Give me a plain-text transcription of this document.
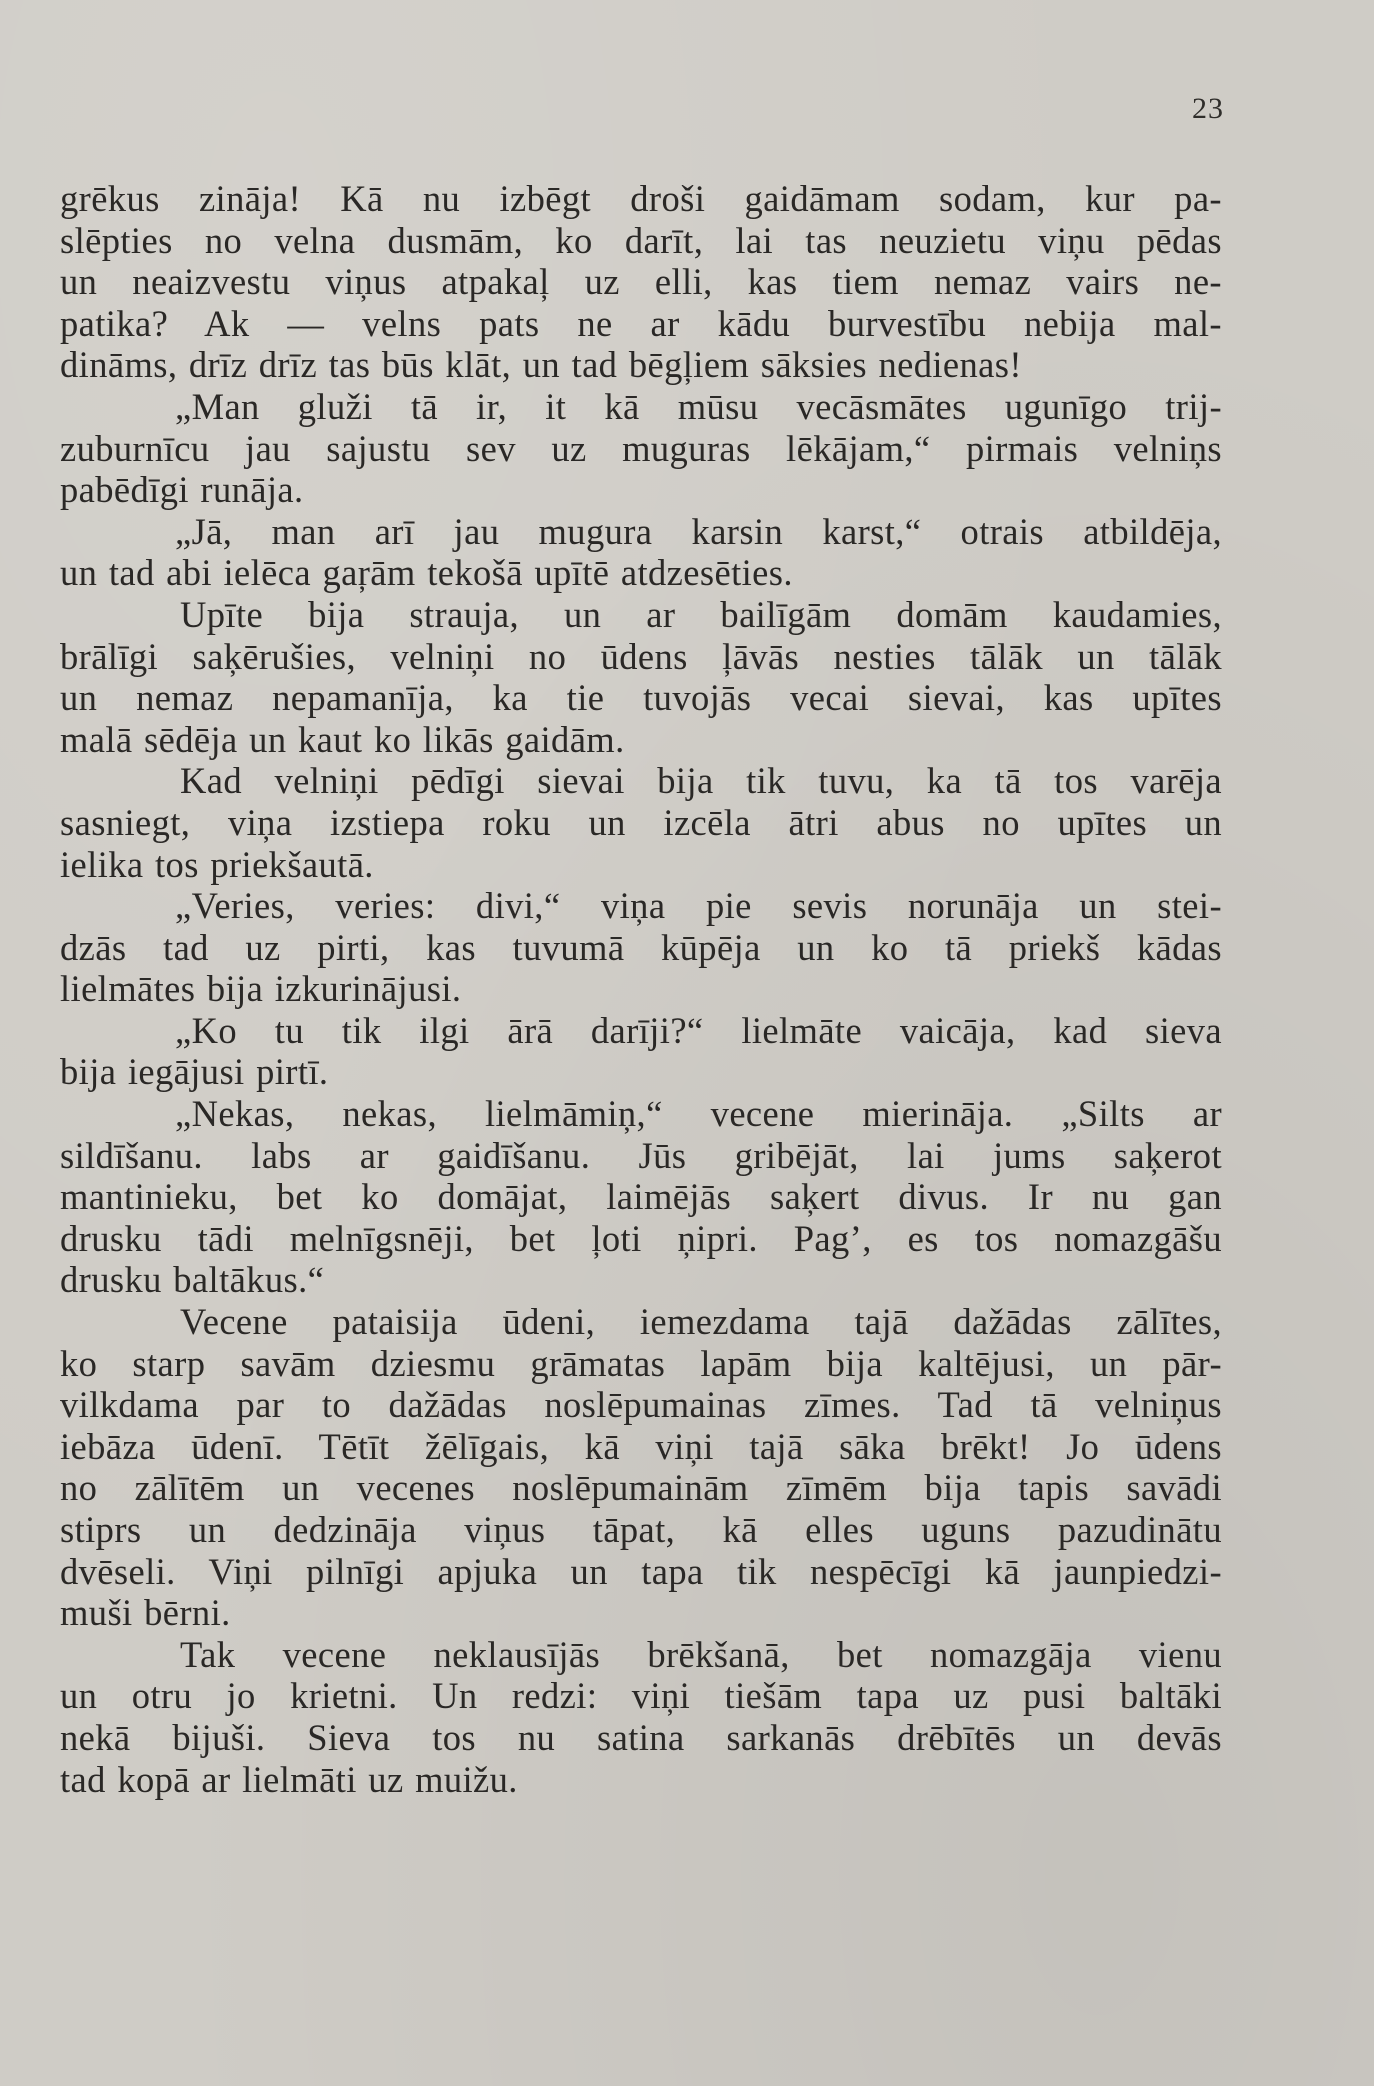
23

grēkus zināja! Kā nu izbēgt droši gaidāmam sodam, kur pa-

slēpties no velna dusmām, ko darīt, lai tas neuzietu viņu pēdas

un neaizvestu viņus atpakaļ uz elli, kas tiem nemaz vairs ne-

patika? Ak — velns pats ne ar kādu burvestību nebija mal-

dināms, drīz drīz tas būs klāt, un tad bēgļiem sāksies nedienas!

„Man gluži tā ir, it kā mūsu vecāsmātes ugunīgo trij-

zuburnīcu jau sajustu sev uz muguras lēkājam,“ pirmais velniņs

pabēdīgi runāja.

„Jā, man arī jau mugura karsin karst,“ otrais atbildēja,

un tad abi ielēca gaŗām tekošā upītē atdzesēties.

Upīte bija strauja, un ar bailīgām domām kaudamies,

brālīgi saķērušies, velniņi no ūdens ļāvās nesties tālāk un tālāk

un nemaz nepamanīja, ka tie tuvojās vecai sievai, kas upītes

malā sēdēja un kaut ko likās gaidām.

Kad velniņi pēdīgi sievai bija tik tuvu, ka tā tos varēja

sasniegt, viņa izstiepa roku un izcēla ātri abus no upītes un

ielika tos priekšautā.

„Veries, veries: divi,“ viņa pie sevis norunāja un stei-

dzās tad uz pirti, kas tuvumā kūpēja un ko tā priekš kādas

lielmātes bija izkurinājusi.

„Ko tu tik ilgi ārā darīji?“ lielmāte vaicāja, kad sieva

bija iegājusi pirtī.

„Nekas, nekas, lielmāmiņ,“ vecene mierināja. „Silts ar

sildīšanu. labs ar gaidīšanu. Jūs gribējāt, lai jums saķerot

mantinieku, bet ko domājat, laimējās saķert divus. Ir nu gan

drusku tādi melnīgsnēji, bet ļoti ņipri. Pag’, es tos nomazgāšu

drusku baltākus.“

Vecene pataisija ūdeni, iemezdama tajā dažādas zālītes,

ko starp savām dziesmu grāmatas lapām bija kaltējusi, un pār-

vilkdama par to dažādas noslēpumainas zīmes. Tad tā velniņus

iebāza ūdenī. Tētīt žēlīgais, kā viņi tajā sāka brēkt! Jo ūdens

no zālītēm un vecenes noslēpumainām zīmēm bija tapis savādi

stiprs un dedzināja viņus tāpat, kā elles uguns pazudinātu

dvēseli. Viņi pilnīgi apjuka un tapa tik nespēcīgi kā jaunpiedzi-

muši bērni.

Tak vecene neklausījās brēkšanā, bet nomazgāja vienu

un otru jo krietni. Un redzi: viņi tiešām tapa uz pusi baltāki

nekā bijuši. Sieva tos nu satina sarkanās drēbītēs un devās

tad kopā ar lielmāti uz muižu.
